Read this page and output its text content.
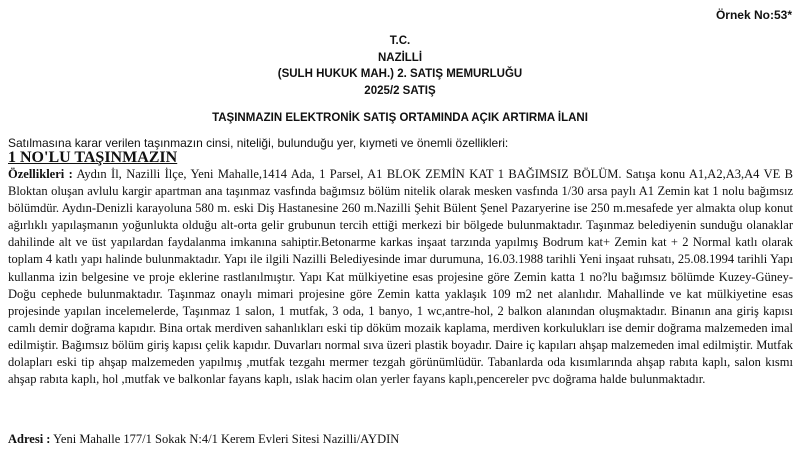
Örnek No:53*
T.C.
NAZİLLİ
(SULH HUKUK MAH.) 2. SATIŞ MEMURLUĞU
2025/2 SATIŞ
TAŞINMAZIN ELEKTRONİK SATIŞ ORTAMINDA AÇIK ARTIRMA İLANI
Satılmasına karar verilen taşınmazın cinsi, niteliği, bulunduğu yer, kıymeti ve önemli özellikleri:
1 NO'LU TAŞINMAZIN
Özellikleri : Aydın İl, Nazilli İlçe, Yeni Mahalle,1414 Ada, 1 Parsel, A1 BLOK ZEMİN KAT 1 BAĞIMSIZ BÖLÜM. Satışa konu A1,A2,A3,A4 VE B Bloktan oluşan avlulu kargir apartman ana taşınmaz vasfında bağımsız bölüm nitelik olarak mesken vasfında 1/30 arsa paylı A1 Zemin kat 1 nolu bağımsız bölümdür. Aydın-Denizli karayoluna 580 m. eski Diş Hastanesine 260 m.Nazilli Şehit Bülent Şenel Pazaryerine ise 250 m.mesafede yer almakta olup konut ağırlıklı yapılaşmanın yoğunlukta olduğu alt-orta gelir grubunun tercih ettiği merkezi bir bölgede bulunmaktadır. Taşınmaz belediyenin sunduğu olanaklar dahilinde alt ve üst yapılardan faydalanma imkanına sahiptir.Betonarme karkas inşaat tarzında yapılmış Bodrum kat+ Zemin kat + 2 Normal katlı olarak toplam 4 katlı yapı halinde bulunmaktadır. Yapı ile ilgili Nazilli Belediyesinde imar durumuna, 16.03.1988 tarihli Yeni inşaat ruhsatı, 25.08.1994 tarihli Yapı kullanma izin belgesine ve proje eklerine rastlanılmıştır. Yapı Kat mülkiyetine esas projesine göre Zemin katta 1 no?lu bağımsız bölümde Kuzey-Güney-Doğu cephede bulunmaktadır. Taşınmaz onaylı mimari projesine göre Zemin katta yaklaşık 109 m2 net alanlıdır. Mahallinde ve kat mülkiyetine esas projesinde yapılan incelemelerde, Taşınmaz 1 salon, 1 mutfak, 3 oda, 1 banyo, 1 wc,antre-hol, 2 balkon alanından oluşmaktadır. Binanın ana giriş kapısı camlı demir doğrama kapıdır. Bina ortak merdiven sahanlıkları eski tip döküm mozaik kaplama, merdiven korkulukları ise demir doğrama malzemeden imal edilmiştir. Bağımsız bölüm giriş kapısı çelik kapıdır. Duvarları normal sıva üzeri plastik boyadır. Daire iç kapıları ahşap malzemeden imal edilmiştir. Mutfak dolapları eski tip ahşap malzemeden yapılmış ,mutfak tezgahı mermer tezgah görünümlüdür. Tabanlarda oda kısımlarında ahşap rabıta kaplı, salon kısmı ahşap rabıta kaplı, hol ,mutfak ve balkonlar fayans kaplı, ıslak hacim olan yerler fayans kaplı,pencereler pvc doğrama halde bulunmaktadır.
Adresi : Yeni Mahalle 177/1 Sokak N:4/1 Kerem Evleri Sitesi Nazilli/AYDIN
